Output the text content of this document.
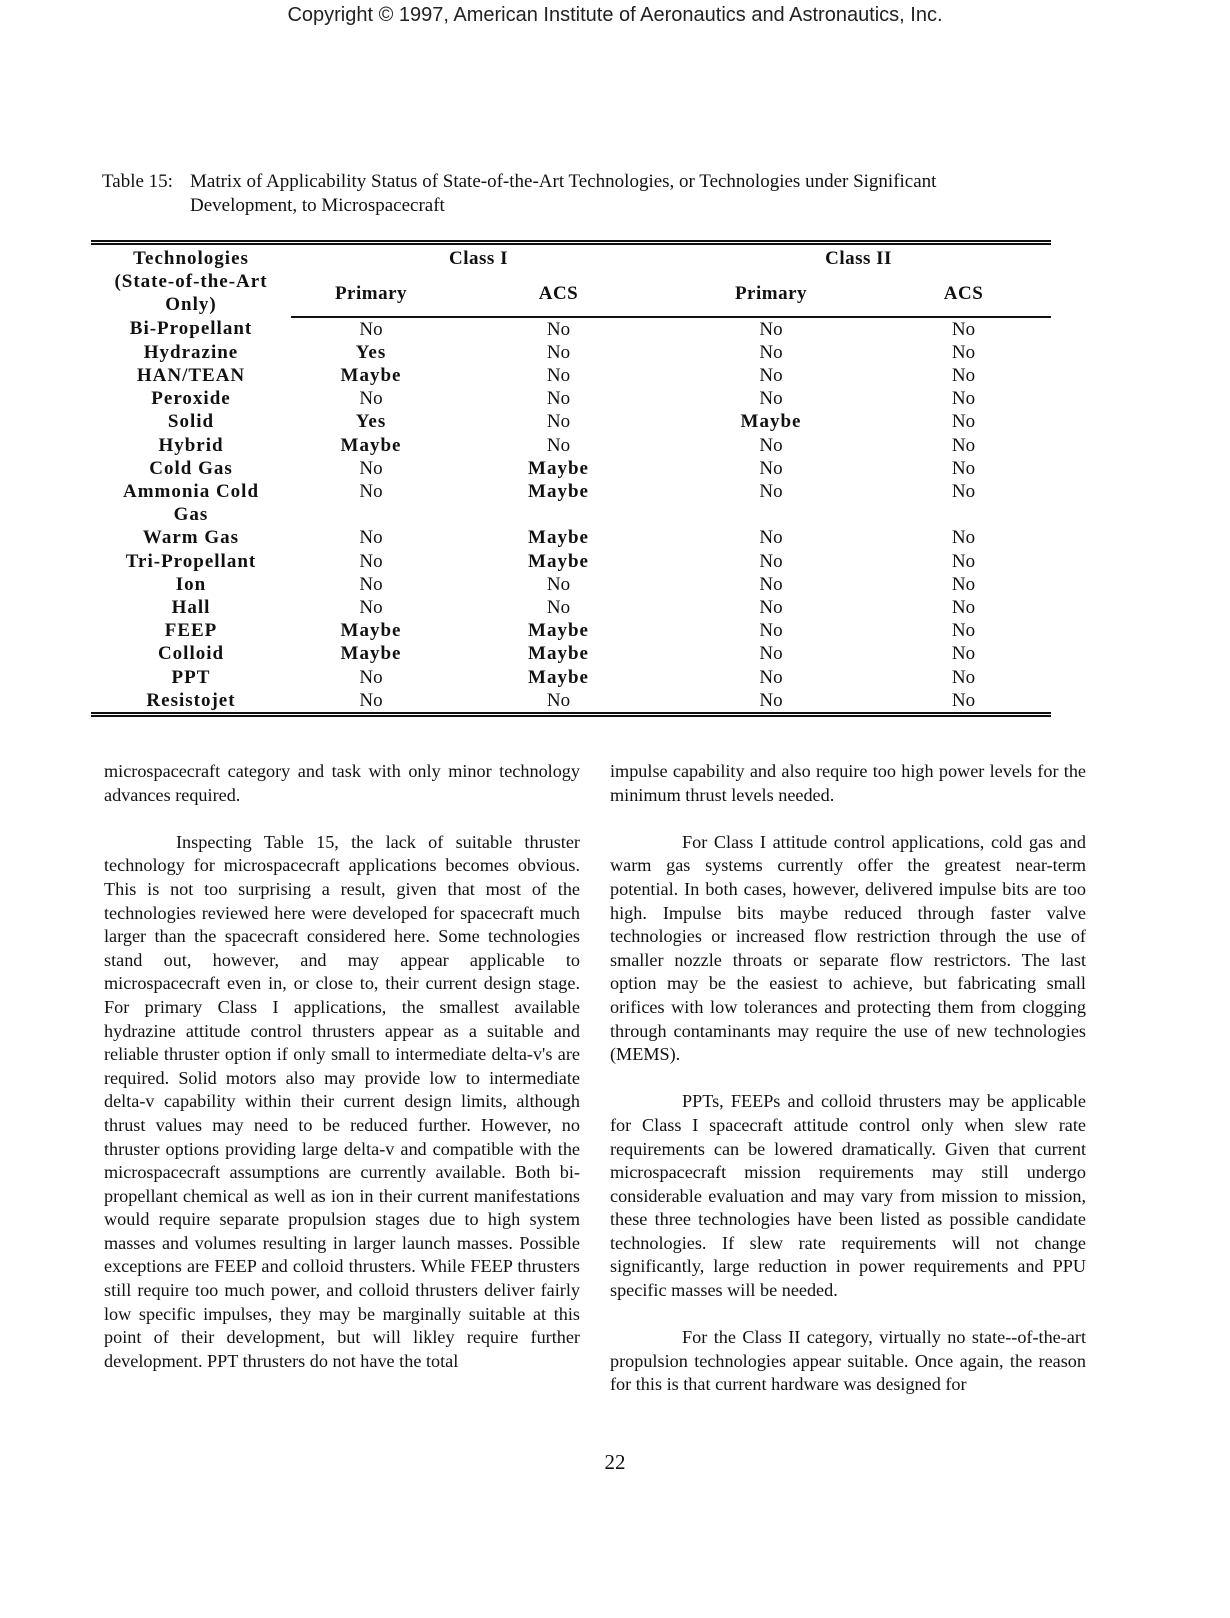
Copyright © 1997, American Institute of Aeronautics and Astronautics, Inc.

Table 15: Matrix of Applicability Status of State-of-the-Art Technologies, or Technologies under Significant
Development, to Microspacecraft

Technologies
(State-of-the-Art
Only)	Class I		Class II	
	Primary	ACS	Primary	ACS
Bi-Propellant	No	No	No	No
Hydrazine	Yes	No	No	No
HAN/TEAN	Maybe	No	No	No
Peroxide	No	No	No	No
Solid	Yes	No	Maybe	No
Hybrid	Maybe	No	No	No
Cold Gas	No	Maybe	No	No

Ammonia Cold
Gas	No	Maybe	No	No
Warm Gas	No	Maybe	No	No
Tri-Propellant	No	Maybe	No	No
Ion	No	No	No	No
Hall	No	No	No	No
FEEP	Maybe	Maybe	No	No
Colloid	Maybe	Maybe	No	No
PPT	No	Maybe	No	No
Resistojet	No	No	No	No

microspacecraft category and task with only minor technology advances required.

Inspecting Table 15, the lack of suitable thruster technology for microspacecraft applications becomes obvious. This is not too surprising a result, given that most of the technologies reviewed here were developed for spacecraft much larger than the spacecraft considered here. Some technologies stand out, however, and may appear applicable to microspacecraft even in, or close to, their current design stage. For primary Class I applications, the smallest available hydrazine attitude control thrusters appear as a suitable and reliable thruster option if only small to intermediate delta-v's are required. Solid motors also may provide low to intermediate delta-v capability within their current design limits, although thrust values may need to be reduced further. However, no thruster options providing large delta-v and compatible with the microspacecraft assumptions are currently available. Both bi-propellant chemical as well as ion in their current manifestations would require separate propulsion stages due to high system masses and volumes resulting in larger launch masses. Possible exceptions are FEEP and colloid thrusters. While FEEP thrusters still require too much power, and colloid thrusters deliver fairly low specific impulses, they may be marginally suitable at this point of their development, but will likley require further development. PPT thrusters do not have the total

impulse capability and also require too high power levels for the minimum thrust levels needed.

For Class I attitude control applications, cold gas and warm gas systems currently offer the greatest near-term potential. In both cases, however, delivered impulse bits are too high. Impulse bits maybe reduced through faster valve technologies or increased flow restriction through the use of smaller nozzle throats or separate flow restrictors. The last option may be the easiest to achieve, but fabricating small orifices with low tolerances and protecting them from clogging through contaminants may require the use of new technologies (MEMS).

PPTs, FEEPs and colloid thrusters may be applicable for Class I spacecraft attitude control only when slew rate requirements can be lowered dramatically. Given that current microspacecraft mission requirements may still undergo considerable evaluation and may vary from mission to mission, these three technologies have been listed as possible candidate technologies. If slew rate requirements will not change significantly, large reduction in power requirements and PPU specific masses will be needed.

For the Class II category, virtually no state--of-the-art propulsion technologies appear suitable. Once again, the reason for this is that current hardware was designed for

22
